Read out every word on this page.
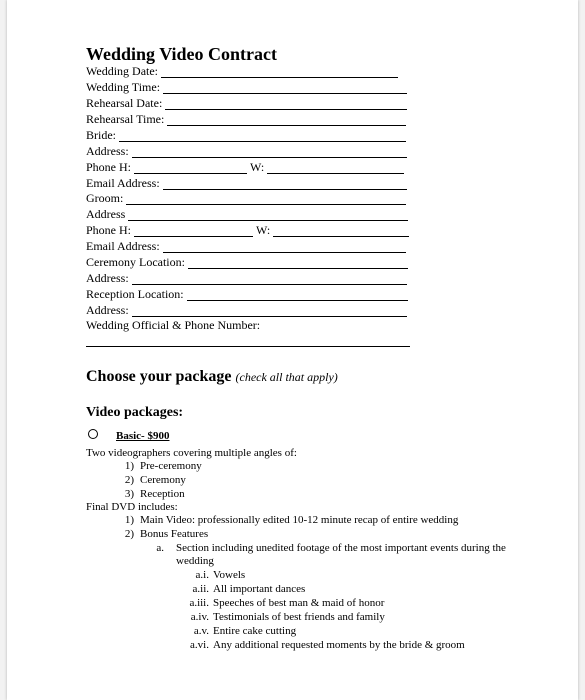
Wedding Video Contract
Wedding Date:
Wedding Time:
Rehearsal Date:
Rehearsal Time:
Bride:
Address:
Phone H:	W:
Email Address:
Groom:
Address
Phone H:	W:
Email Address:
Ceremony Location:
Address:
Reception Location:
Address:
Wedding Official & Phone Number:
Choose your package (check all that apply)
Video packages:
Basic- $900
Two videographers covering multiple angles of:
1) Pre-ceremony
2) Ceremony
3) Reception
Final DVD includes:
1) Main Video: professionally edited 10-12 minute recap of entire wedding
2) Bonus Features
a. Section including unedited footage of the most important events during the
wedding
a.i. Vowels
a.ii. All important dances
a.iii. Speeches of best man & maid of honor
a.iv. Testimonials of best friends and family
a.v. Entire cake cutting
a.vi. Any additional requested moments by the bride & groom
